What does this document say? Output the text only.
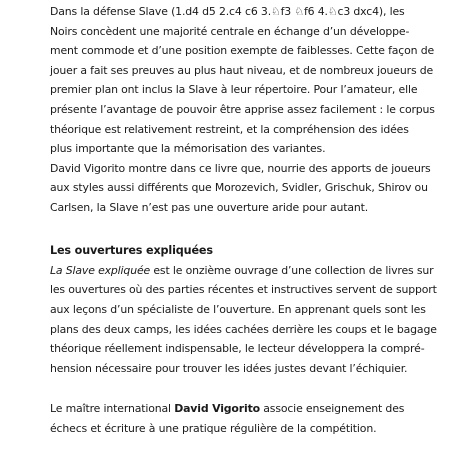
Dans la défense Slave (1.d4 d5 2.c4 c6 3.♘f3 ♘f6 4.♘c3 dxc4), les
Noirs concèdent une majorité centrale en échange d’un développe-
ment commode et d’une position exempte de faiblesses. Cette façon de
jouer a fait ses preuves au plus haut niveau, et de nombreux joueurs de
premier plan ont inclus la Slave à leur répertoire. Pour l’amateur, elle
présente l’avantage de pouvoir être apprise assez facilement : le corpus
théorique est relativement restreint, et la compréhension des idées
plus importante que la mémorisation des variantes.
David Vigorito montre dans ce livre que, nourrie des apports de joueurs
aux styles aussi différents que Morozevich, Svidler, Grischuk, Shirov ou
Carlsen, la Slave n’est pas une ouverture aride pour autant.
Les ouvertures expliquées
La Slave expliquée est le onzième ouvrage d’une collection de livres sur
les ouvertures où des parties récentes et instructives servent de support
aux leçons d’un spécialiste de l’ouverture. En apprenant quels sont les
plans des deux camps, les idées cachées derrière les coups et le bagage
théorique réellement indispensable, le lecteur développera la compré-
hension nécessaire pour trouver les idées justes devant l’échiquier.
Le maître international David Vigorito associe enseignement des
échecs et écriture à une pratique régulière de la compétition.
